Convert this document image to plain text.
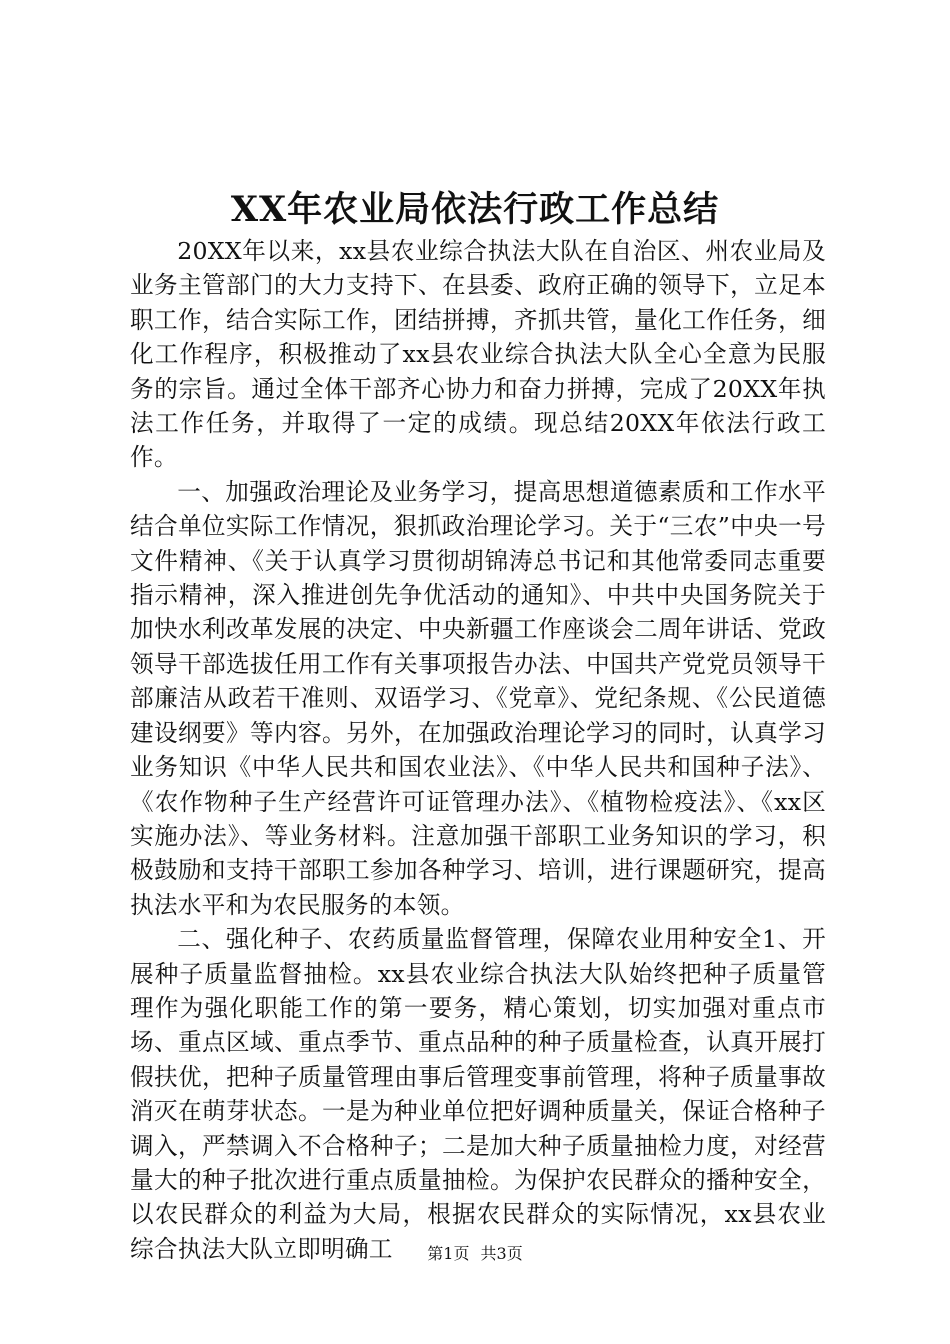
XX年农业局依法行政工作总结

20XX年以来，xx县农业综合执法大队在自治区、州农业局及业务主管部门的大力支持下、在县委、政府正确的领导下，立足本职工作，结合实际工作，团结拼搏，齐抓共管，量化工作任务，细化工作程序，积极推动了xx县农业综合执法大队全心全意为民服务的宗旨。通过全体干部齐心协力和奋力拼搏，完成了20XX年执法工作任务，并取得了一定的成绩。现总结20XX年依法行政工作。

一、加强政治理论及业务学习，提高思想道德素质和工作水平结合单位实际工作情况，狠抓政治理论学习。关于“三农”中央一号文件精神、《关于认真学习贯彻胡锦涛总书记和其他常委同志重要指示精神，深入推进创先争优活动的通知》、中共中央国务院关于加快水利改革发展的决定、中央新疆工作座谈会二周年讲话、党政领导干部选拔任用工作有关事项报告办法、中国共产党党员领导干部廉洁从政若干准则、双语学习、《党章》、党纪条规、《公民道德建设纲要》等内容。另外，在加强政治理论学习的同时，认真学习业务知识《中华人民共和国农业法》、《中华人民共和国种子法》、《农作物种子生产经营许可证管理办法》、《植物检疫法》、《xx区实施办法》、等业务材料。注意加强干部职工业务知识的学习，积极鼓励和支持干部职工参加各种学习、培训，进行课题研究，提高执法水平和为农民服务的本领。

二、强化种子、农药质量监督管理，保障农业用种安全1、开展种子质量监督抽检。xx县农业综合执法大队始终把种子质量管理作为强化职能工作的第一要务，精心策划，切实加强对重点市场、重点区域、重点季节、重点品种的种子质量检查，认真开展打假扶优，把种子质量管理由事后管理变事前管理，将种子质量事故消灭在萌芽状态。一是为种业单位把好调种质量关，保证合格种子调入，严禁调入不合格种子；二是加大种子质量抽检力度，对经营量大的种子批次进行重点质量抽检。为保护农民群众的播种安全，以农民群众的利益为大局，根据农民群众的实际情况，xx县农业综合执法大队立即明确工	第1页 共3页
